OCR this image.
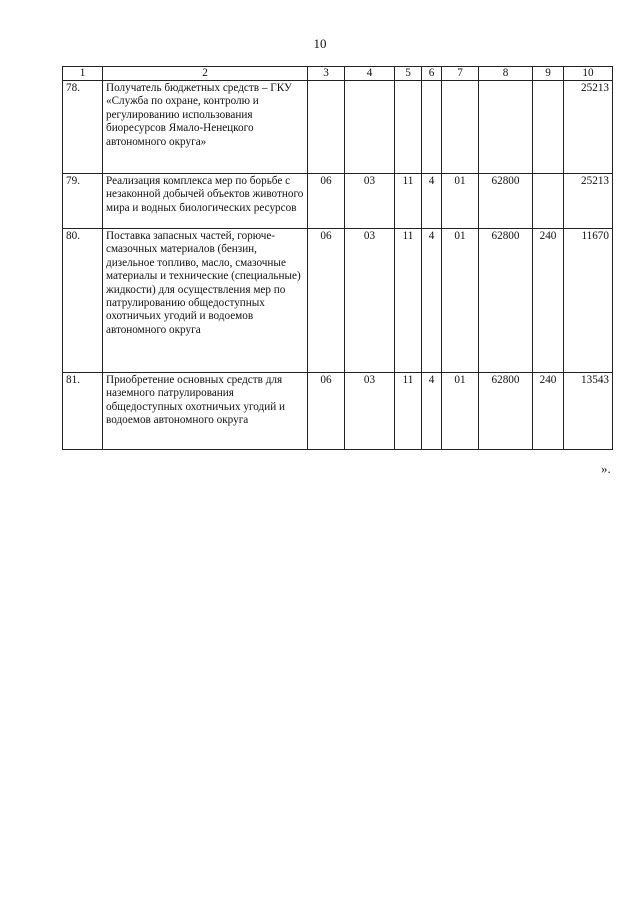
10
1	2	3	4	5	6	7	8	9	10
78.	Получатель бюджетных средств – ГКУ «Служба по охране, контролю и регулированию использования биоресурсов Ямало-Ненецкого автономного округа»								25213
79.	Реализация комплекса мер по борьбе с незаконной добычей объектов животного мира и водных биологических ресурсов	06	03	11	4	01	62800		25213
80.	Поставка запасных частей, горюче-смазочных материалов (бензин, дизельное топливо, масло, смазочные материалы и технические (специальные) жидкости) для осуществления мер по патрулированию общедоступных охотничьих угодий и водоемов автономного округа	06	03	11	4	01	62800	240	11670
81.	Приобретение основных средств для наземного патрулирования общедоступных охотничьих угодий и водоемов автономного округа	06	03	11	4	01	62800	240	13543
».
